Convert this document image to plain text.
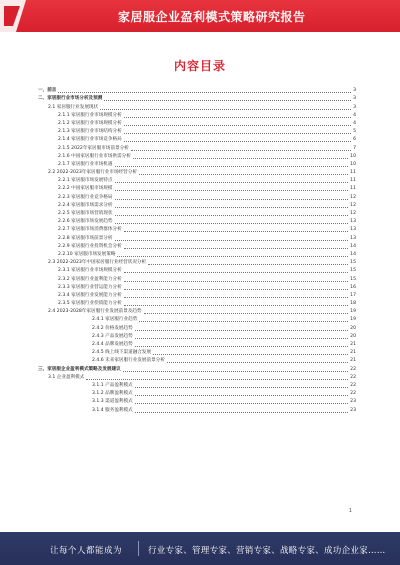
家居服企业盈利模式策略研究报告
内容目录
一、前言	3
二、家居服行业市场分析及预测	3
2.1 家居服行业发展现状	3
2.1.1 家居服行业市场规模分析	4
2.1.2 家居服行业市场规模分析	4
2.1.3 家居服行业市场结构分析	5
2.1.4 家居服行业市场竞争格局	6
2.1.5 2022年家居服市场前景分析	7
2.1.6 中国家居服行业市场供需分析	10
2.1.7 家居服行业市场机遇	10
2.2 2022-2023年家居服行业市场经营分析	11
2.2.1 家居服市场发展特点	11
2.2.2 中国家居服市场规模	11
2.2.3 家居服行业竞争格局	12
2.2.4 家居服市场需求分析	12
2.2.5 家居服市场营销现状	12
2.2.6 家居服市场发展趋势	13
2.2.7 家居服市场消费群体分析	13
2.2.8 家居服市场前景分析	13
2.2.9 家居服行业投资机会分析	14
2.2.10 家居服市场发展策略	14
2.3 2022-2023年中国家居服行业经营状况分析	15
2.3.1 家居服行业市场规模分析	15
2.3.2 家居服行业盈利能力分析	15
2.3.3 家居服行业营运能力分析	16
2.3.4 家居服行业发展能力分析	17
2.3.5 家居服行业偿债能力分析	18
2.4 2023-2028年家居服行业发展前景及趋势	19
2.4.1 家居服行业趋势	19
2.4.2 价格发展趋势	20
2.4.3 产品发展趋势	20
2.4.4 品牌发展趋势	21
2.4.5 线上线下渠道融合发展	21
2.4.6 未来家居服行业发展前景分析	21
三、家居服企业盈利模式策略及发展建议	22
3.1 企业盈利模式	22
3.1.1 产品盈利模式	22
3.1.2 品牌盈利模式	22
3.1.3 渠道盈利模式	23
3.1.4 服务盈利模式	23
1
让每个人都能成为	行业专家、管理专家、营销专家、战略专家、成功企业家……
